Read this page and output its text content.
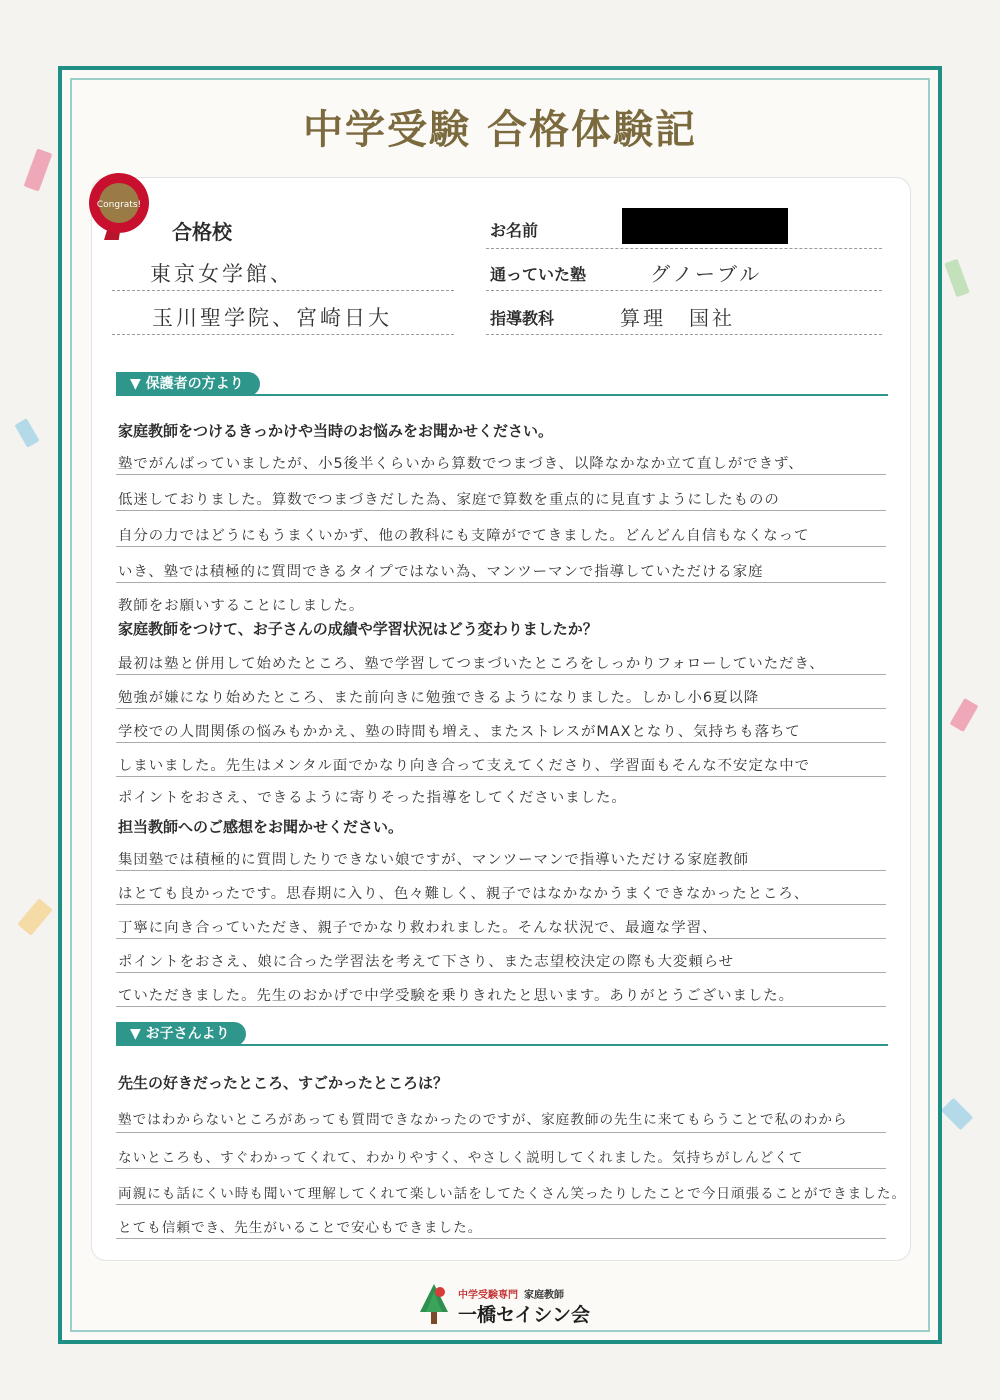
中学受験 合格体験記
Congrats!
合格校
東京女学館、
玉川聖学院、宮崎日大
お名前
通っていた塾	グノーブル
指導教科	算理　国社
▼ 保護者の方より
家庭教師をつけるきっかけや当時のお悩みをお聞かせください。
塾でがんばっていましたが、小5後半くらいから算数でつまづき、以降なかなか立て直しができず、
低迷しておりました。算数でつまづきだした為、家庭で算数を重点的に見直すようにしたものの
自分の力ではどうにもうまくいかず、他の教科にも支障がでてきました。どんどん自信もなくなって
いき、塾では積極的に質問できるタイプではない為、マンツーマンで指導していただける家庭
教師をお願いすることにしました。
家庭教師をつけて、お子さんの成績や学習状況はどう変わりましたか？
最初は塾と併用して始めたところ、塾で学習してつまづいたところをしっかりフォローしていただき、
勉強が嫌になり始めたところ、また前向きに勉強できるようになりました。しかし小6夏以降
学校での人間関係の悩みもかかえ、塾の時間も増え、またストレスがMAXとなり、気持ちも落ちて
しまいました。先生はメンタル面でかなり向き合って支えてくださり、学習面もそんな不安定な中で
ポイントをおさえ、できるように寄りそった指導をしてくださいました。
担当教師へのご感想をお聞かせください。
集団塾では積極的に質問したりできない娘ですが、マンツーマンで指導いただける家庭教師
はとても良かったです。思春期に入り、色々難しく、親子ではなかなかうまくできなかったところ、
丁寧に向き合っていただき、親子でかなり救われました。そんな状況で、最適な学習、
ポイントをおさえ、娘に合った学習法を考えて下さり、また志望校決定の際も大変頼らせ
ていただきました。先生のおかげで中学受験を乗りきれたと思います。ありがとうございました。
▼ お子さんより
先生の好きだったところ、すごかったところは？
塾ではわからないところがあっても質問できなかったのですが、家庭教師の先生に来てもらうことで私のわから
ないところも、すぐわかってくれて、わかりやすく、やさしく説明してくれました。気持ちがしんどくて
両親にも話にくい時も聞いて理解してくれて楽しい話をしてたくさん笑ったりしたことで今日頑張ることができました。
とても信頼でき、先生がいることで安心もできました。
中学受験専門 家庭教師
一橋セイシン会
